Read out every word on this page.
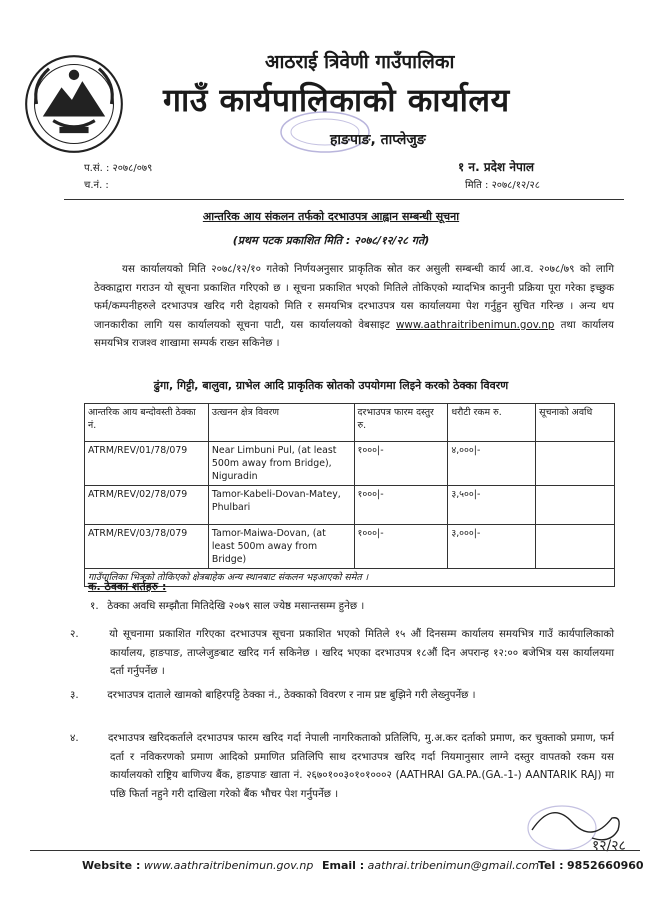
आठराई त्रिवेणी गाउँपालिका
गाउँ कार्यपालिकाको कार्यालय
हाङपाङ, ताप्लेजुङ
प.सं. : २०७८/०७९
च.नं. :
१ न. प्रदेश नेपाल
मिति : २०७८/१२/२८
आन्तरिक आय संकलन तर्फको दरभाउपत्र आह्वान सम्बन्धी सूचना
(प्रथम पटक प्रकाशित मिति : २०७८/१२/२८ गते)
यस कार्यालयको मिति २०७८/१२/१० गतेको निर्णयअनुसार प्राकृतिक स्रोत कर असुली सम्बन्धी कार्य आ.व. २०७८/७९ को लागि ठेक्काद्वारा गराउन यो सूचना प्रकाशित गरिएको छ । सूचना प्रकाशित भएको मितिले तोकिएको म्यादभित्र कानुनी प्रक्रिया पूरा गरेका इच्छुक फर्म/कम्पनीहरुले दरभाउपत्र खरिद गरी देहायको मिति र समयभित्र दरभाउपत्र यस कार्यालयमा पेश गर्नुहुन सुचित गरिन्छ । अन्य थप जानकारीका लागि यस कार्यालयको सूचना पाटी, यस कार्यालयको वेबसाइट www.aathraitribenimun.gov.np तथा कार्यालय समयभित्र राजश्व शाखामा सम्पर्क राख्न सकिनेछ ।
ढुंगा, गिट्टी, बालुवा, ग्राभेल आदि प्राकृतिक स्रोतको उपयोगमा लिइने करको ठेक्का विवरण
आन्तरिक आय बन्दोवस्ती ठेक्का नं.	उत्खनन क्षेत्र विवरण	दरभाउपत्र फारम दस्तुर रु.	धरौटी रकम रु.	सूचनाको अवधि
ATRM/REV/01/78/079	Near Limbuni Pul, (at least 500m away from Bridge), Niguradin	१०००|-	४,०००|-	
ATRM/REV/02/78/079	Tamor-Kabeli-Dovan-Matey, Phulbari	१०००|-	३,५००|-	
ATRM/REV/03/78/079	Tamor-Maiwa-Dovan, (at least 500m away from Bridge)	१०००|-	३,०००|-	
गाउँपालिका भित्रको तोकिएको क्षेत्रबाहेक अन्य स्थानबाट संकलन भइआएको समेत ।				
क. ठेक्का शर्तहरु :
१. ठेक्का अवधि सम्झौता मितिदेखि २०७९ साल ज्येष्ठ मसान्तसम्म हुनेछ ।
२.	यो सूचनामा प्रकाशित गरिएका दरभाउपत्र सूचना प्रकाशित भएको मितिले १५ औं दिनसम्म कार्यालय समयभित्र गाउँ कार्यपालिकाको कार्यालय, हाङपाङ, ताप्लेजुङबाट खरिद गर्न सकिनेछ । खरिद भएका दरभाउपत्र १८औं दिन अपरान्ह १२:०० बजेभित्र यस कार्यालयमा दर्ता गर्नुपर्नेछ ।
३.	दरभाउपत्र दाताले खामको बाहिरपट्टि ठेक्का नं., ठेक्काको विवरण र नाम प्रष्ट बुझिने गरी लेख्नुपर्नेछ ।
४.	दरभाउपत्र खरिदकर्ताले दरभाउपत्र फारम खरिद गर्दा नेपाली नागरिकताको प्रतिलिपि, मु.अ.कर दर्ताको प्रमाण, कर चुक्ताको प्रमाण, फर्म दर्ता र नविकरणको प्रमाण आदिको प्रमाणित प्रतिलिपि साथ दरभाउपत्र खरिद गर्दा नियमानुसार लाग्ने दस्तुर वापतको रकम यस कार्यालयको राष्ट्रिय बाणिज्य बैंक, हाङपाङ खाता नं. २६७०१००३०१०१०००२ (AATHRAI GA.PA.(GA.-1-) AANTARIK RAJ) मा पछि फिर्ता नहुने गरी दाखिला गरेको बैंक भौचर पेश गर्नुपर्नेछ ।
१२/२८
Website : www.aathraitribenimun.gov.np Email : aathrai.tribenimun@gmail.com
Tel : 9852660960
